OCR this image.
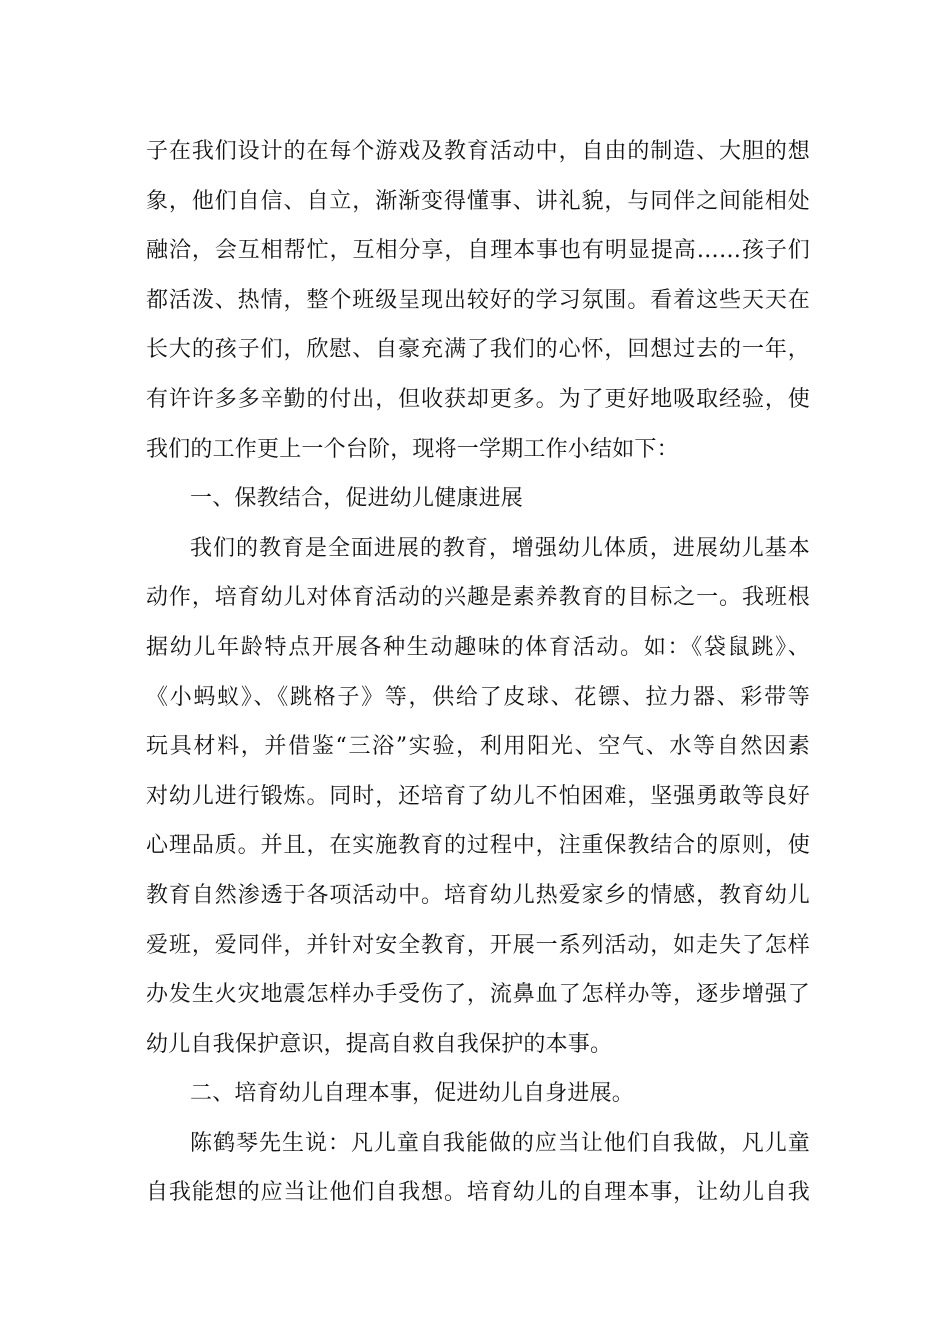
子在我们设计的在每个游戏及教育活动中，自由的制造、大胆的想
象，他们自信、自立，渐渐变得懂事、讲礼貌，与同伴之间能相处
融洽，会互相帮忙，互相分享，自理本事也有明显提高……孩子们
都活泼、热情，整个班级呈现出较好的学习氛围。看着这些天天在
长大的孩子们，欣慰、自豪充满了我们的心怀，回想过去的一年，
有许许多多辛勤的付出，但收获却更多。为了更好地吸取经验，使
我们的工作更上一个台阶，现将一学期工作小结如下：
一、保教结合，促进幼儿健康进展
我们的教育是全面进展的教育，增强幼儿体质，进展幼儿基本
动作，培育幼儿对体育活动的兴趣是素养教育的目标之一。我班根
据幼儿年龄特点开展各种生动趣味的体育活动。如：《袋鼠跳》、
《小蚂蚁》、《跳格子》等，供给了皮球、花镖、拉力器、彩带等
玩具材料，并借鉴“三浴”实验，利用阳光、空气、水等自然因素
对幼儿进行锻炼。同时，还培育了幼儿不怕困难，坚强勇敢等良好
心理品质。并且，在实施教育的过程中，注重保教结合的原则，使
教育自然渗透于各项活动中。培育幼儿热爱家乡的情感，教育幼儿
爱班，爱同伴，并针对安全教育，开展一系列活动，如走失了怎样
办发生火灾地震怎样办手受伤了，流鼻血了怎样办等，逐步增强了
幼儿自我保护意识，提高自救自我保护的本事。
二、培育幼儿自理本事，促进幼儿自身进展。
陈鹤琴先生说：凡儿童自我能做的应当让他们自我做，凡儿童
自我能想的应当让他们自我想。培育幼儿的自理本事，让幼儿自我
